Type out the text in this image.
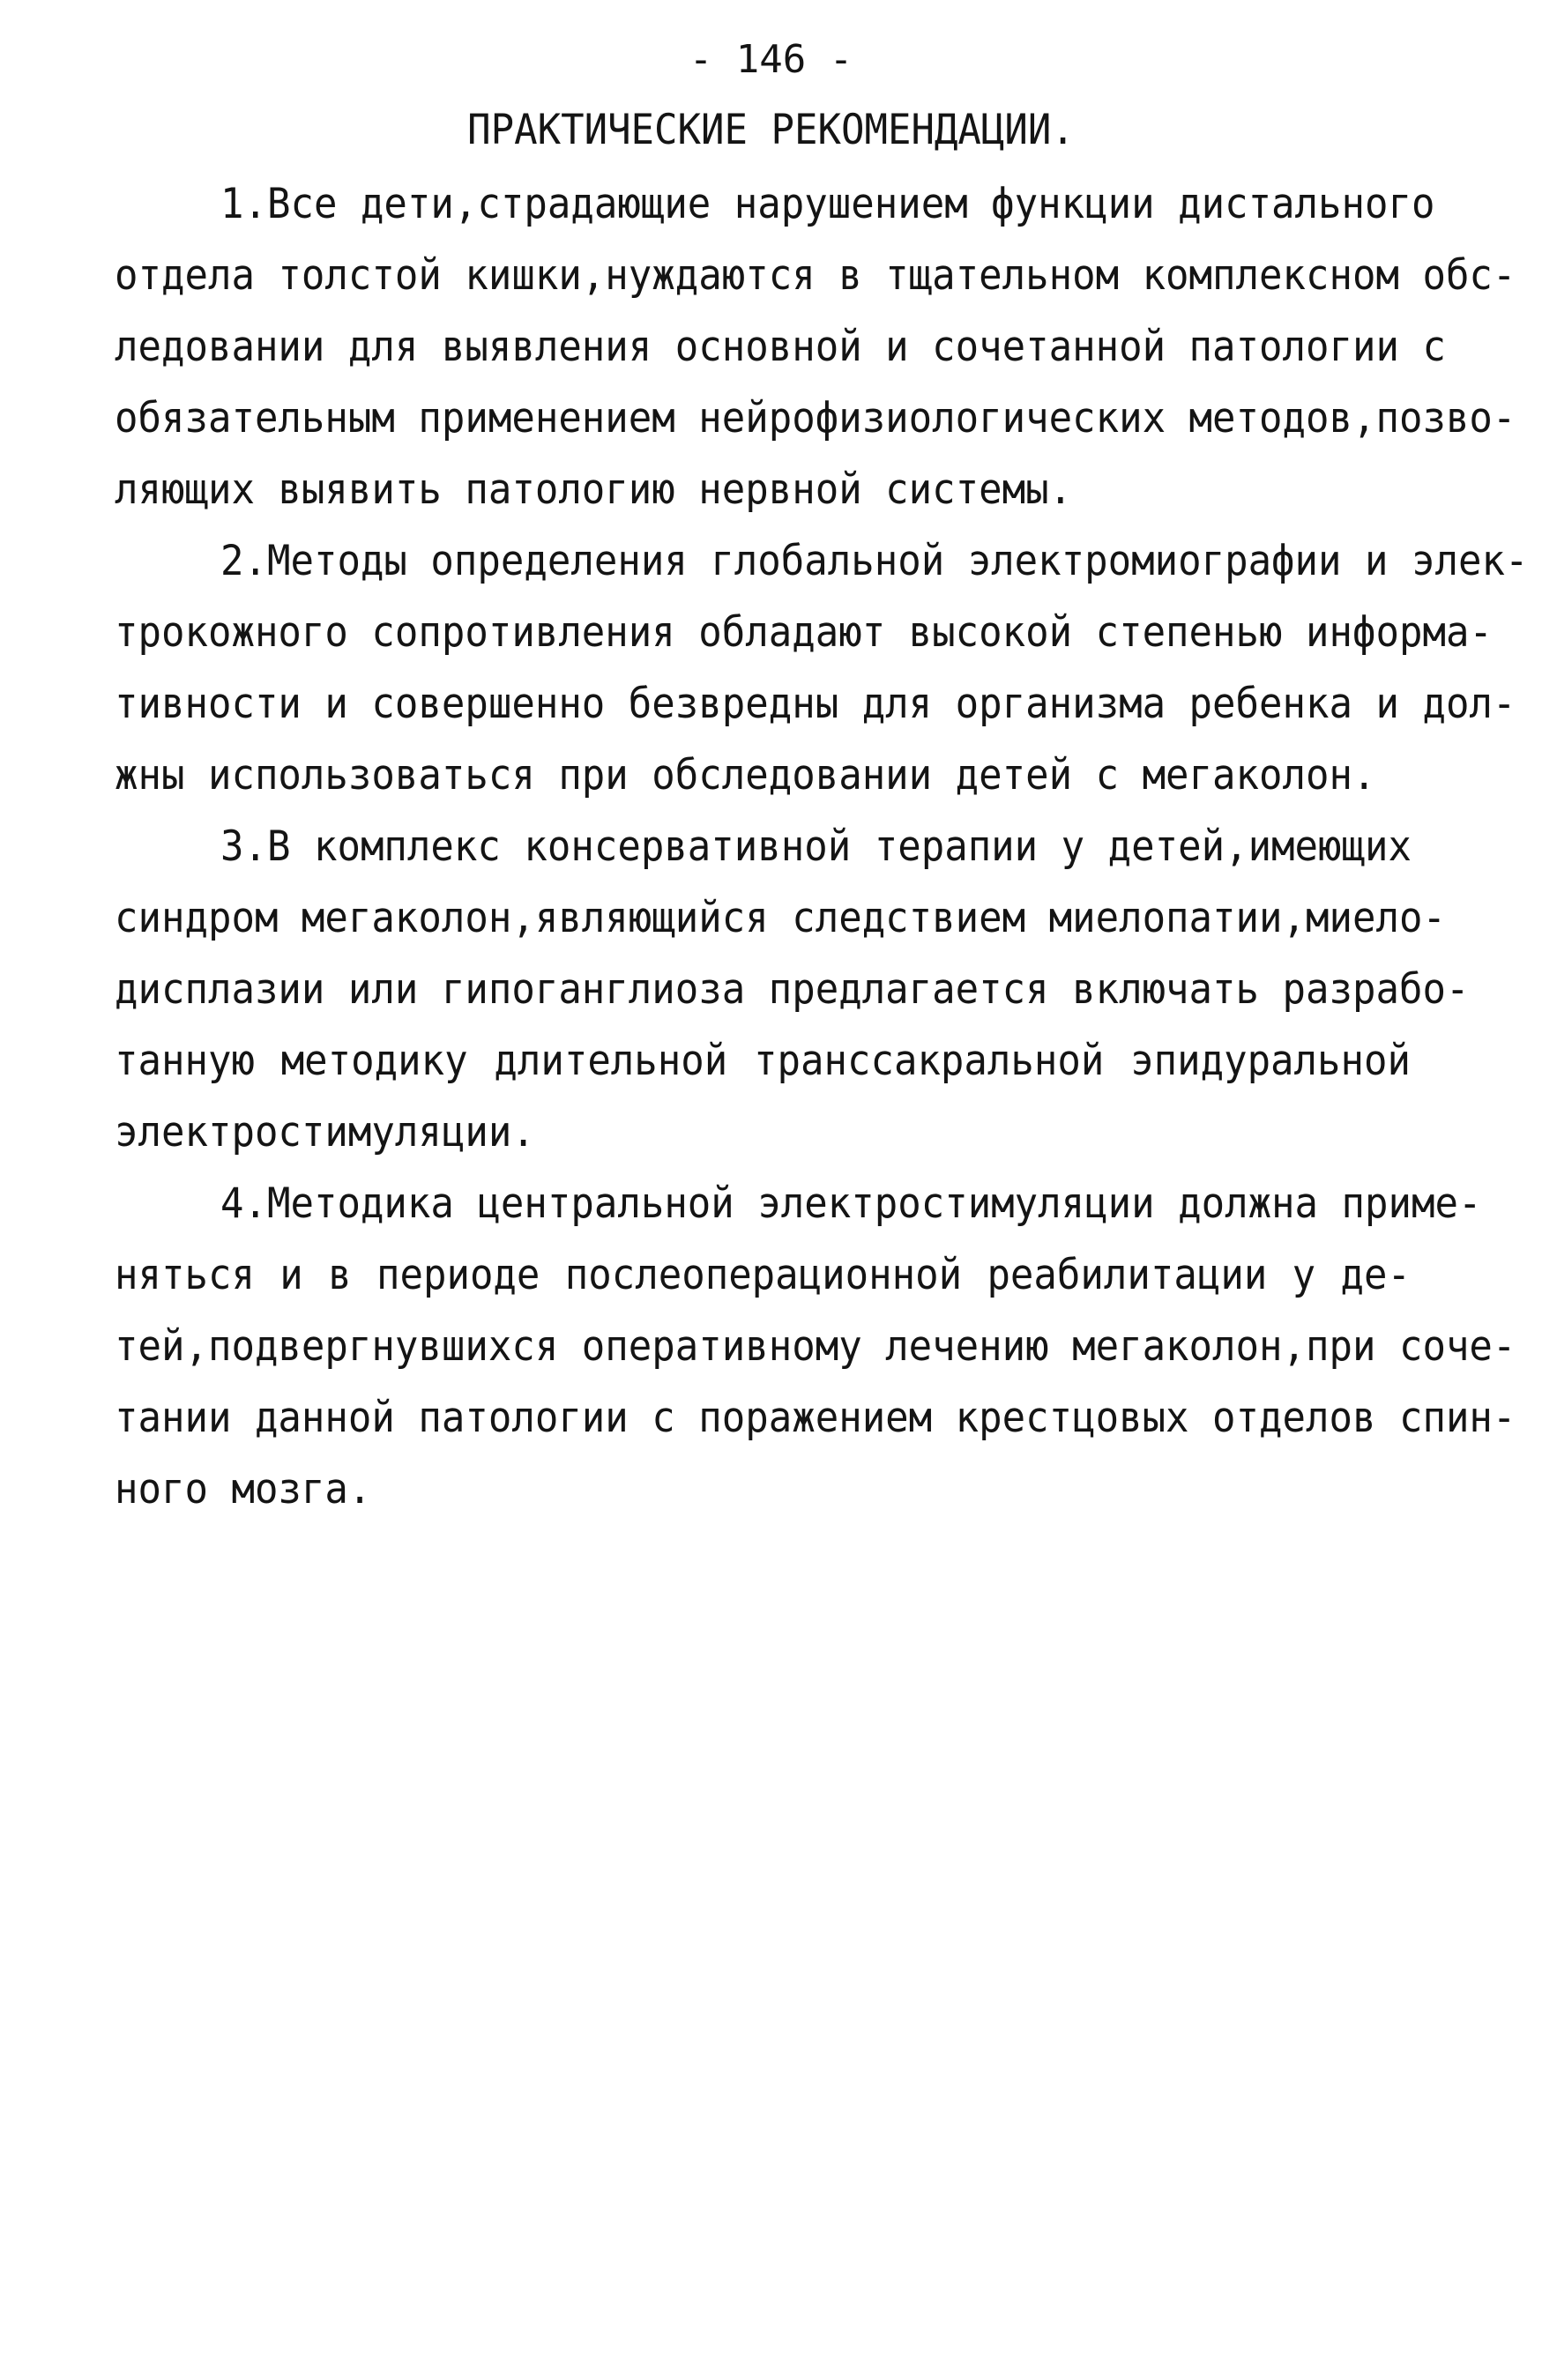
- 146 -
ПРАКТИЧЕСКИЕ РЕКОМЕНДАЦИИ.
1.Все дети,страдающие нарушением функции дистального
отдела толстой кишки,нуждаются в тщательном комплексном обс-
ледовании для выявления основной и сочетанной патологии с
обязательным применением нейрофизиологических методов,позво-
ляющих выявить патологию нервной системы.
2.Методы определения глобальной электромиографии и элек-
трокожного сопротивления обладают высокой степенью информа-
тивности и совершенно безвредны для организма ребенка и дол-
жны использоваться при обследовании детей с мегаколон.
3.В комплекс консервативной терапии у детей,имеющих
синдром мегаколон,являющийся следствием миелопатии,миело-
дисплазии или гипоганглиоза предлагается включать разрабо-
танную методику длительной транссакральной эпидуральной
электростимуляции.
4.Методика центральной электростимуляции должна приме-
няться и в периоде послеоперационной реабилитации у де-
тей,подвергнувшихся оперативному лечению мегаколон,при соче-
тании данной патологии с поражением крестцовых отделов спин-
ного мозга.
